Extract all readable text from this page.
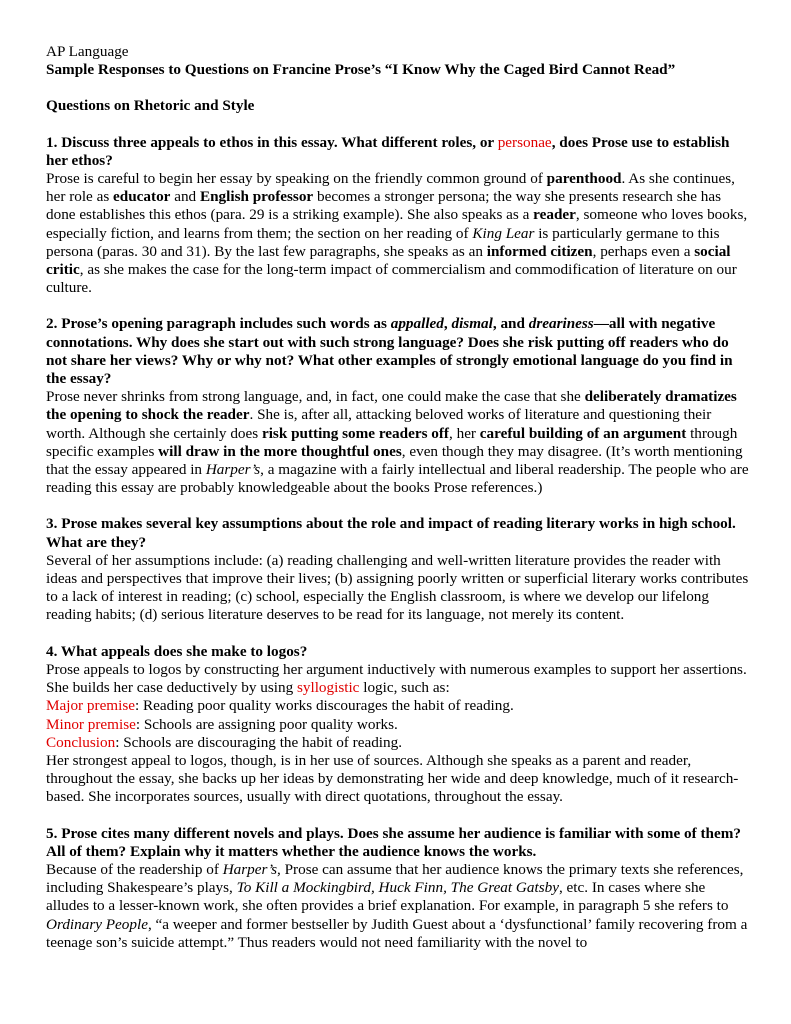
AP Language
Sample Responses to Questions on Francine Prose’s “I Know Why the Caged Bird Cannot Read”
Questions on Rhetoric and Style
1. Discuss three appeals to ethos in this essay. What different roles, or personae, does Prose use to establish her ethos?
Prose is careful to begin her essay by speaking on the friendly common ground of parenthood. As she continues, her role as educator and English professor becomes a stronger persona; the way she presents research she has done establishes this ethos (para. 29 is a striking example). She also speaks as a reader, someone who loves books, especially fiction, and learns from them; the section on her reading of King Lear is particularly germane to this persona (paras. 30 and 31). By the last few paragraphs, she speaks as an informed citizen, perhaps even a social critic, as she makes the case for the long-term impact of commercialism and commodification of literature on our culture.
2. Prose’s opening paragraph includes such words as appalled, dismal, and dreariness—all with negative connotations. Why does she start out with such strong language? Does she risk putting off readers who do not share her views? Why or why not? What other examples of strongly emotional language do you find in the essay?
Prose never shrinks from strong language, and, in fact, one could make the case that she deliberately dramatizes the opening to shock the reader. She is, after all, attacking beloved works of literature and questioning their worth. Although she certainly does risk putting some readers off, her careful building of an argument through specific examples will draw in the more thoughtful ones, even though they may disagree. (It’s worth mentioning that the essay appeared in Harper’s, a magazine with a fairly intellectual and liberal readership. The people who are reading this essay are probably knowledgeable about the books Prose references.)
3. Prose makes several key assumptions about the role and impact of reading literary works in high school. What are they?
Several of her assumptions include: (a) reading challenging and well-written literature provides the reader with ideas and perspectives that improve their lives; (b) assigning poorly written or superficial literary works contributes to a lack of interest in reading; (c) school, especially the English classroom, is where we develop our lifelong reading habits; (d) serious literature deserves to be read for its language, not merely its content.
4. What appeals does she make to logos?
Prose appeals to logos by constructing her argument inductively with numerous examples to support her assertions. She builds her case deductively by using syllogistic logic, such as:
Major premise: Reading poor quality works discourages the habit of reading.
Minor premise: Schools are assigning poor quality works.
Conclusion: Schools are discouraging the habit of reading.
Her strongest appeal to logos, though, is in her use of sources. Although she speaks as a parent and reader, throughout the essay, she backs up her ideas by demonstrating her wide and deep knowledge, much of it research-based. She incorporates sources, usually with direct quotations, throughout the essay.
5. Prose cites many different novels and plays. Does she assume her audience is familiar with some of them? All of them? Explain why it matters whether the audience knows the works.
Because of the readership of Harper’s, Prose can assume that her audience knows the primary texts she references, including Shakespeare’s plays, To Kill a Mockingbird, Huck Finn, The Great Gatsby, etc. In cases where she alludes to a lesser-known work, she often provides a brief explanation. For example, in paragraph 5 she refers to Ordinary People, “a weeper and former bestseller by Judith Guest about a ‘dysfunctional’ family recovering from a teenage son’s suicide attempt.” Thus readers would not need familiarity with the novel to
